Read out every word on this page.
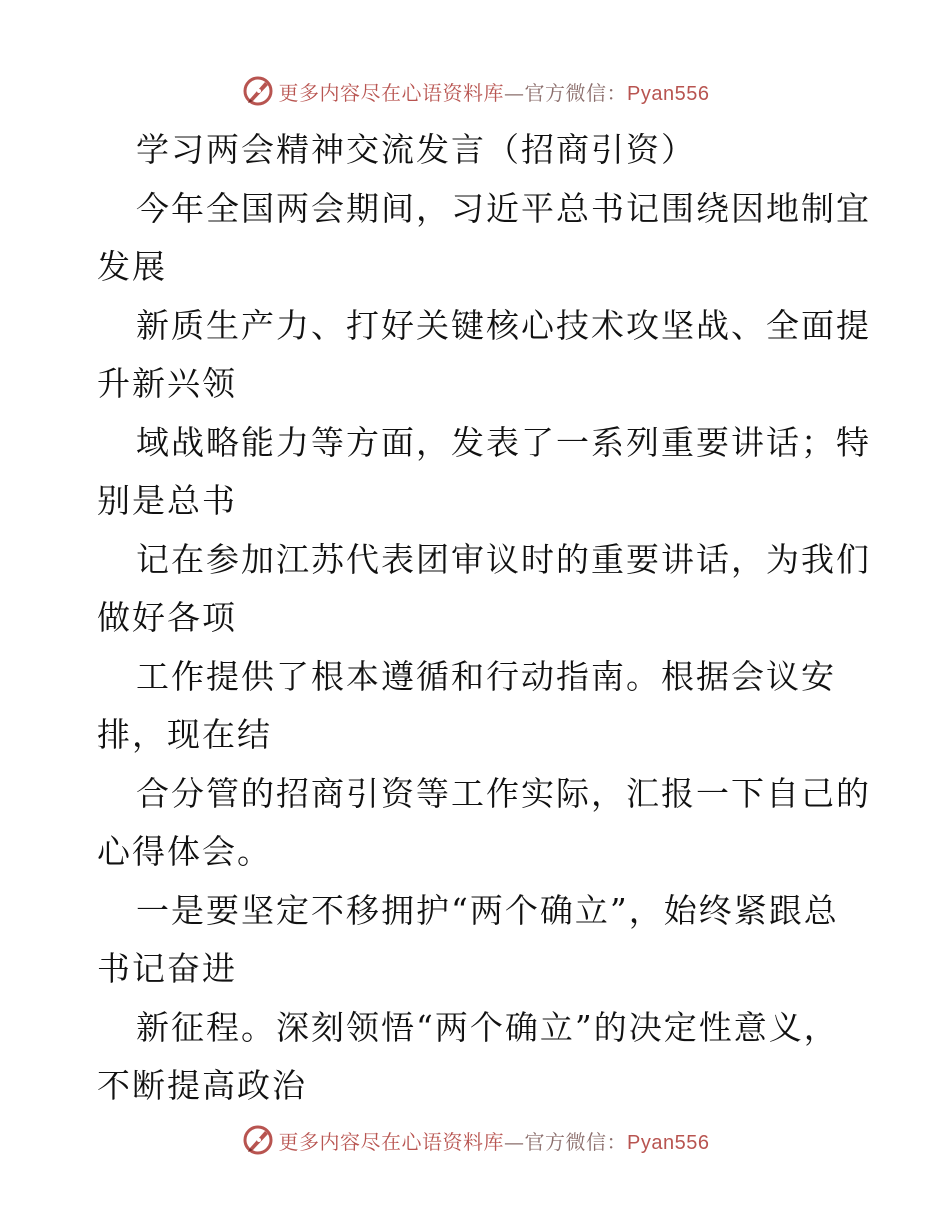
更多内容尽在心语资料库—官方微信：Pyan556
学习两会精神交流发言（招商引资）
今年全国两会期间，习近平总书记围绕因地制宜
发展
新质生产力、打好关键核心技术攻坚战、全面提
升新兴领
域战略能力等方面，发表了一系列重要讲话；特
别是总书
记在参加江苏代表团审议时的重要讲话，为我们
做好各项
工作提供了根本遵循和行动指南。根据会议安
排，现在结
合分管的招商引资等工作实际，汇报一下自己的
心得体会。
一是要坚定不移拥护“两个确立”，始终紧跟总
书记奋进
新征程。深刻领悟“两个确立”的决定性意义，
不断提高政治
更多内容尽在心语资料库—官方微信：Pyan556
